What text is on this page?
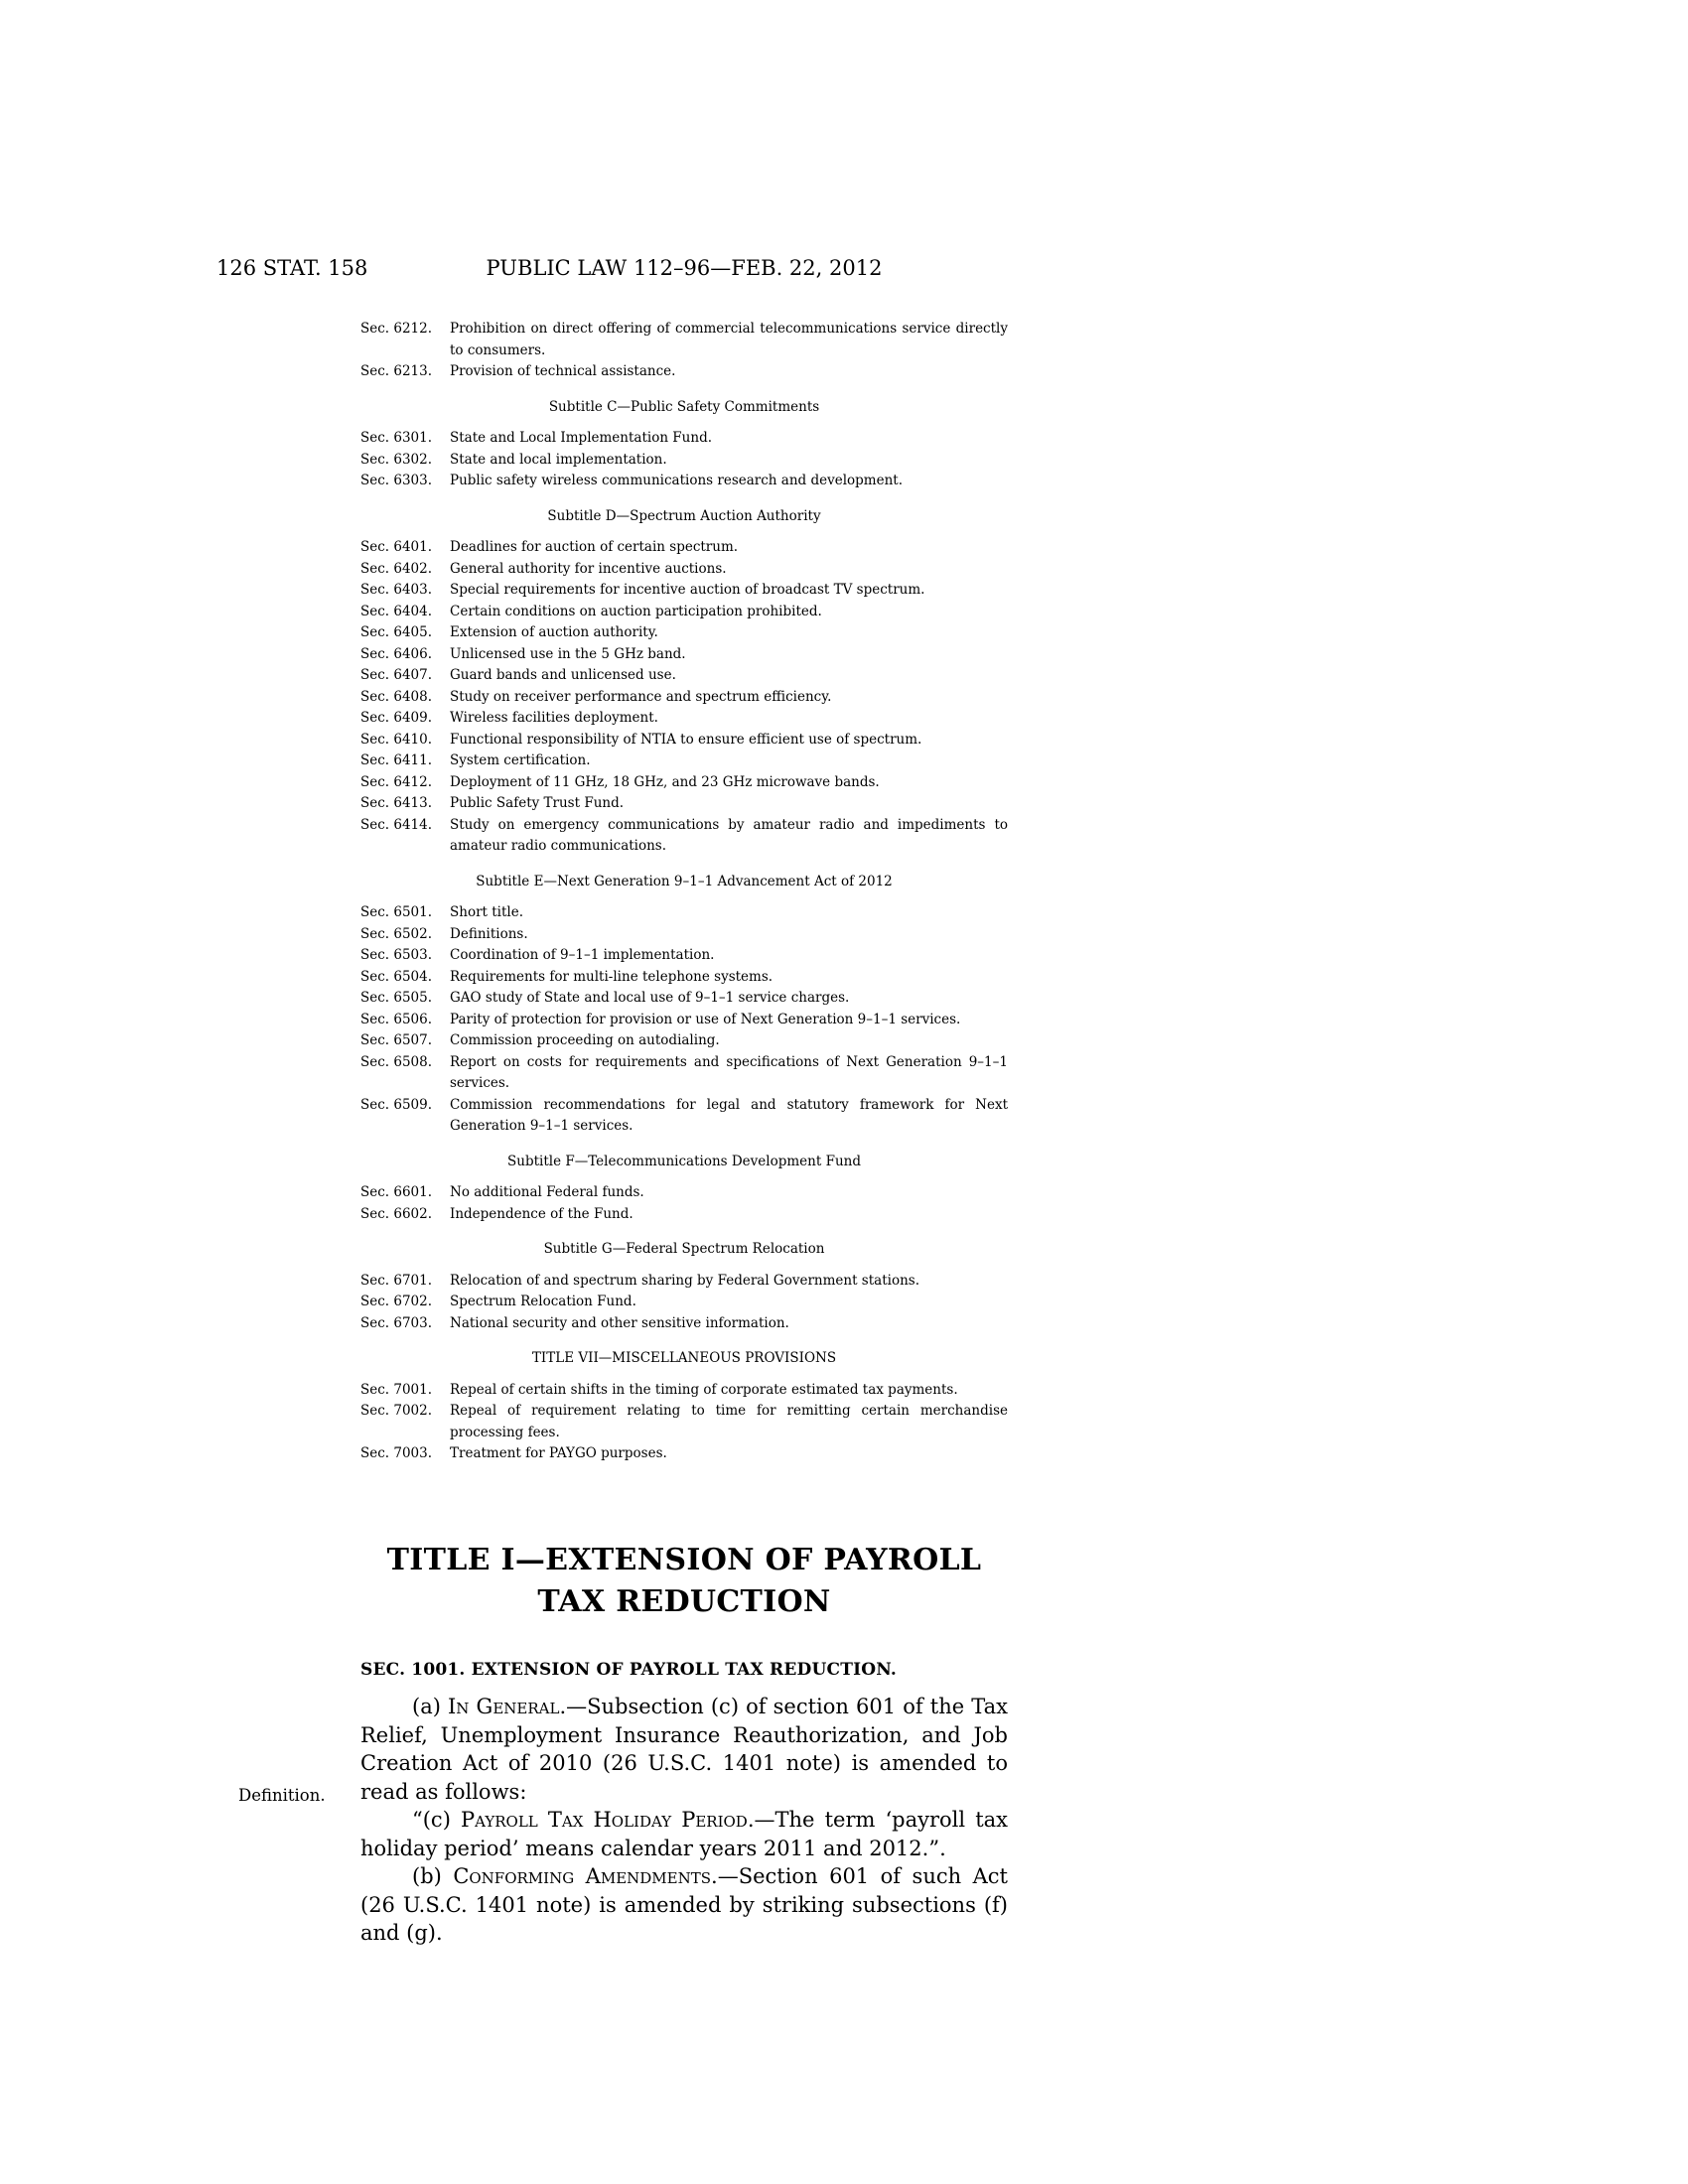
126 STAT. 158	PUBLIC LAW 112–96—FEB. 22, 2012
Sec. 6212. Prohibition on direct offering of commercial telecommunications service directly to consumers.
Sec. 6213. Provision of technical assistance.
Subtitle C—Public Safety Commitments
Sec. 6301. State and Local Implementation Fund.
Sec. 6302. State and local implementation.
Sec. 6303. Public safety wireless communications research and development.
Subtitle D—Spectrum Auction Authority
Sec. 6401. Deadlines for auction of certain spectrum.
Sec. 6402. General authority for incentive auctions.
Sec. 6403. Special requirements for incentive auction of broadcast TV spectrum.
Sec. 6404. Certain conditions on auction participation prohibited.
Sec. 6405. Extension of auction authority.
Sec. 6406. Unlicensed use in the 5 GHz band.
Sec. 6407. Guard bands and unlicensed use.
Sec. 6408. Study on receiver performance and spectrum efficiency.
Sec. 6409. Wireless facilities deployment.
Sec. 6410. Functional responsibility of NTIA to ensure efficient use of spectrum.
Sec. 6411. System certification.
Sec. 6412. Deployment of 11 GHz, 18 GHz, and 23 GHz microwave bands.
Sec. 6413. Public Safety Trust Fund.
Sec. 6414. Study on emergency communications by amateur radio and impediments to amateur radio communications.
Subtitle E—Next Generation 9–1–1 Advancement Act of 2012
Sec. 6501. Short title.
Sec. 6502. Definitions.
Sec. 6503. Coordination of 9–1–1 implementation.
Sec. 6504. Requirements for multi-line telephone systems.
Sec. 6505. GAO study of State and local use of 9–1–1 service charges.
Sec. 6506. Parity of protection for provision or use of Next Generation 9–1–1 services.
Sec. 6507. Commission proceeding on autodialing.
Sec. 6508. Report on costs for requirements and specifications of Next Generation 9–1–1 services.
Sec. 6509. Commission recommendations for legal and statutory framework for Next Generation 9–1–1 services.
Subtitle F—Telecommunications Development Fund
Sec. 6601. No additional Federal funds.
Sec. 6602. Independence of the Fund.
Subtitle G—Federal Spectrum Relocation
Sec. 6701. Relocation of and spectrum sharing by Federal Government stations.
Sec. 6702. Spectrum Relocation Fund.
Sec. 6703. National security and other sensitive information.
TITLE VII—MISCELLANEOUS PROVISIONS
Sec. 7001. Repeal of certain shifts in the timing of corporate estimated tax payments.
Sec. 7002. Repeal of requirement relating to time for remitting certain merchandise processing fees.
Sec. 7003. Treatment for PAYGO purposes.
TITLE I—EXTENSION OF PAYROLL TAX REDUCTION
SEC. 1001. EXTENSION OF PAYROLL TAX REDUCTION.
Definition.

(a) In General.—Subsection (c) of section 601 of the Tax Relief, Unemployment Insurance Reauthorization, and Job Creation Act of 2010 (26 U.S.C. 1401 note) is amended to read as follows:

“(c) Payroll Tax Holiday Period.—The term ‘payroll tax holiday period’ means calendar years 2011 and 2012.”.

(b) Conforming Amendments.—Section 601 of such Act (26 U.S.C. 1401 note) is amended by striking subsections (f) and (g).
